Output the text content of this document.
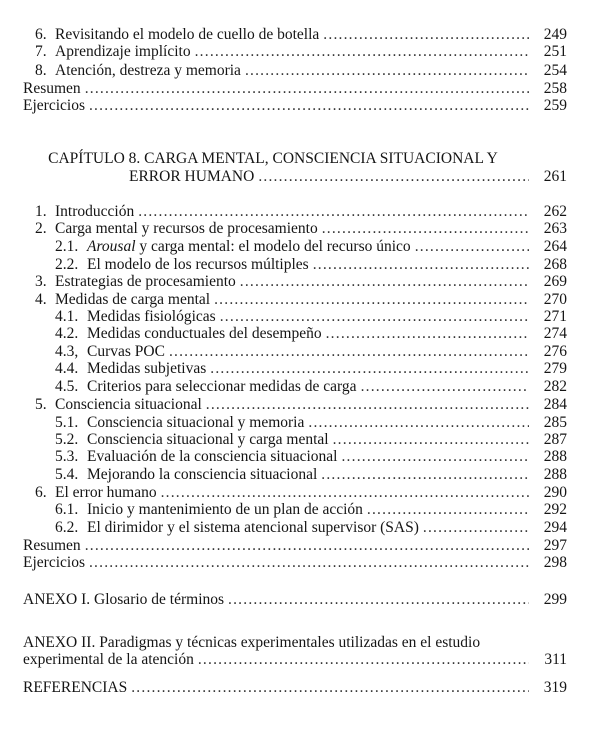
6. Revisitando el modelo de cuello de botella .....	249
7. Aprendizaje implícito .....	251
8. Atención, destreza y memoria .....	254
Resumen .....	258
Ejercicios .....	259
CAPÍTULO 8. CARGA MENTAL, CONSCIENCIA SITUACIONAL Y
ERROR HUMANO .....	261
1. Introducción .....	262
2. Carga mental y recursos de procesamiento .....	263
2.1. Arousal y carga mental: el modelo del recurso único .....	264
2.2. El modelo de los recursos múltiples .....	268
3. Estrategias de procesamiento .....	269
4. Medidas de carga mental .....	270
4.1. Medidas fisiológicas .....	271
4.2. Medidas conductuales del desempeño .....	274
4.3, Curvas POC .....	276
4.4. Medidas subjetivas .....	279
4.5. Criterios para seleccionar medidas de carga .....	282
5. Consciencia situacional .....	284
5.1. Consciencia situacional y memoria .....	285
5.2. Consciencia situacional y carga mental .....	287
5.3. Evaluación de la consciencia situacional .....	288
5.4. Mejorando la consciencia situacional .....	288
6. El error humano .....	290
6.1. Inicio y mantenimiento de un plan de acción .....	292
6.2. El dirimidor y el sistema atencional supervisor (SAS) .....	294
Resumen .....	297
Ejercicios .....	298
ANEXO I. Glosario de términos .....	299
ANEXO II. Paradigmas y técnicas experimentales utilizadas en el estudio
experimental de la atención .....	311
REFERENCIAS .....	319
